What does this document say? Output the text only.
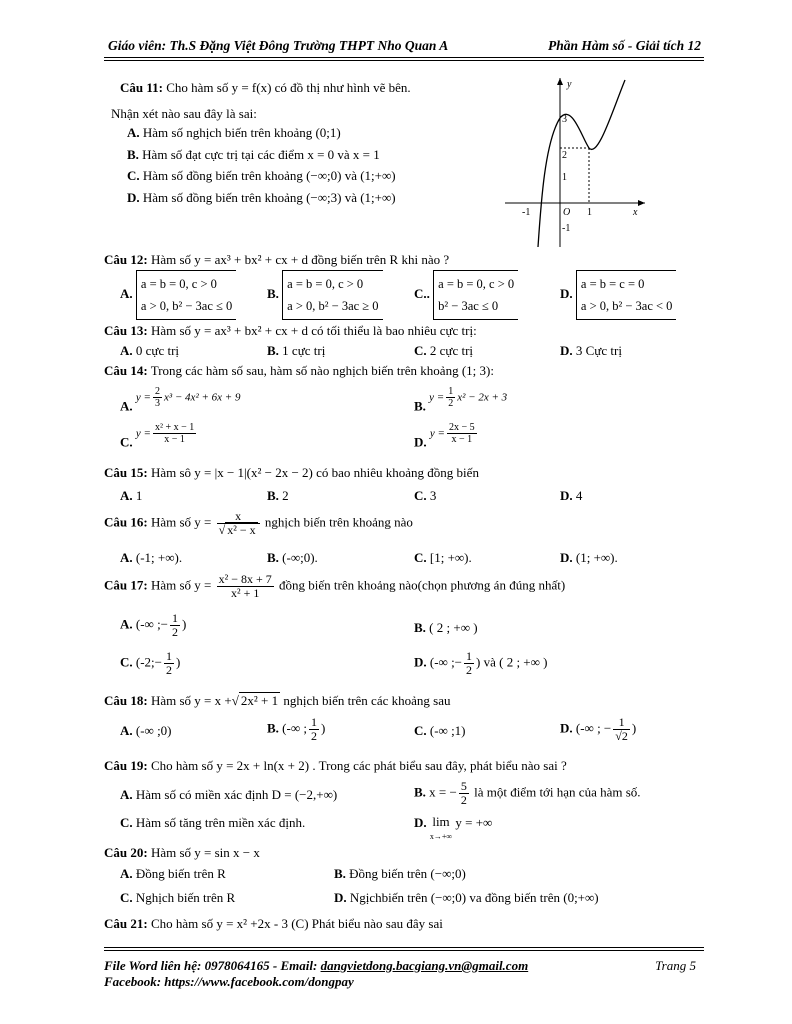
Giáo viên: Th.S Đặng Việt Đông Trường THPT Nho Quan A	Phần Hàm số - Giải tích 12
Câu 11: Cho hàm số y = f(x) có đồ thị như hình vẽ bên.
Nhận xét nào sau đây là sai:
A. Hàm số nghịch biến trên khoảng (0;1)
B. Hàm số đạt cực trị tại các điểm x = 0 và x = 1
C. Hàm số đồng biến trên khoảng (−∞;0) và (1;+∞)
D. Hàm số đồng biến trên khoảng (−∞;3) và (1;+∞)
y
x
O
3
2
1
-1
-1	1
Câu 12: Hàm số y = ax³ + bx² + cx + d đồng biến trên R khi nào ?
A. a = b = 0, c > 0
a > 0, b² − 3ac ≤ 0
B. a = b = 0, c > 0
a > 0, b² − 3ac ≥ 0
C.. a = b = 0, c > 0
b² − 3ac ≤ 0
D. a = b = c = 0
a > 0, b² − 3ac < 0
Câu 13: Hàm số y = ax³ + bx² + cx + d có tối thiểu là bao nhiêu cực trị:
A. 0 cực trị	B. 1 cực trị	C. 2 cực trị	D. 3 Cực trị
Câu 14: Trong các hàm số sau, hàm số nào nghịch biến trên khoảng (1; 3):
A. $y = \frac{2}{3} x^3 - 4x^2 + 6x + 9$
B. $y = \frac{1}{2} x^2 - 2x + 3$
C. $y = \frac{\text{x² + x − 1}}{x - 1}$	D. $y = \frac{2x - 5}{x - 1}$
Câu 15: Hàm sô y = |x − 1|(x² − 2x − 2) có bao nhiêu khoảng đồng biến
A. 1	B. 2	C. 3	D. 4
Câu 16: Hàm số $y = \frac{x}{\text{√ x² − x}}$ nghịch biến trên khoảng nào
A. (-1; +∞).	B. (-∞;0).	C. [1; +∞).	D. (1; +∞).
Câu 17: Hàm số $y = \frac{\text{x² − 8x + 7}}{\text{x² + 1}}$ đồng biến trên khoảng nào(chọn phương án đúng nhất)
A. (-∞ ;− $\frac{1}{2}$ )	B. ( 2 ; +∞ )
C. (-2;− $\frac{1}{2}$ )	D. (-∞ ;− $\frac{1}{2}$ ) và ( 2 ; +∞ )
Câu 18: Hàm số y = x +√ 2x² + 1 nghịch biến trên các khoảng sau
A. (-∞ ;0)	B. (-∞ ; $\frac{1}{2}$ )	C. (-∞ ;1)	D. (-∞ ; − $\frac{1}{√2}$ )
Câu 19: Cho hàm số y = 2x + ln(x + 2) . Trong các phát biểu sau đây, phát biểu nào sai ?
A. Hàm số có miền xác định D = (−2,+∞)	B. x = − $\frac{5}{2}$ là một điểm tới hạn của hàm số.
C. Hàm số tăng trên miền xác định.	D. lim
x→+∞ y = +∞
Câu 20: Hàm số y = sin x − x
A. Đồng biến trên R	B. Đồng biến trên (−∞;0)
C. Nghịch biến trên R	D. Ngịchbiến trên (−∞;0) va đồng biến trên (0;+∞)
Câu 21: Cho hàm số y = x² +2x - 3 (C) Phát biểu nào sau đây sai
File Word liên hệ: 0978064165 - Email: dangvietdong.bacgiang.vn@gmail.com
Facebook: https://www.facebook.com/dongpay
Trang 5
